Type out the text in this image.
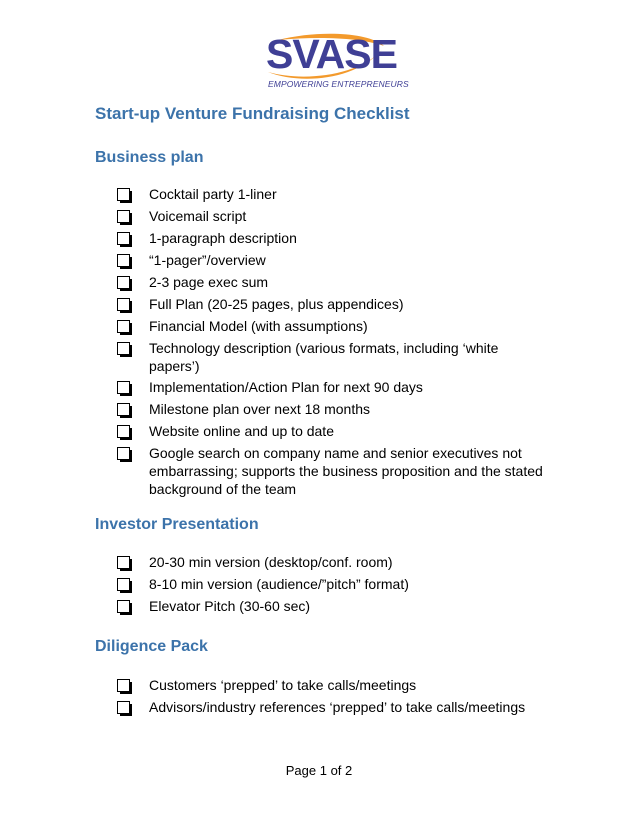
SVASE
EMPOWERING ENTREPRENEURS
Start-up Venture Fundraising Checklist
Business plan
Cocktail party 1-liner
Voicemail script
1-paragraph description
“1-pager”/overview
2-3 page exec sum
Full Plan (20-25 pages, plus appendices)
Financial Model (with assumptions)
Technology description (various formats, including ‘white papers’)
Implementation/Action Plan for next 90 days
Milestone plan over next 18 months
Website online and up to date
Google search on company name and senior executives not embarrassing; supports the business proposition and the stated background of the team
Investor Presentation
20-30 min version (desktop/conf. room)
8-10 min version (audience/”pitch” format)
Elevator Pitch (30-60 sec)
Diligence Pack
Customers ‘prepped’ to take calls/meetings
Advisors/industry references ‘prepped’ to take calls/meetings
Page 1 of 2
